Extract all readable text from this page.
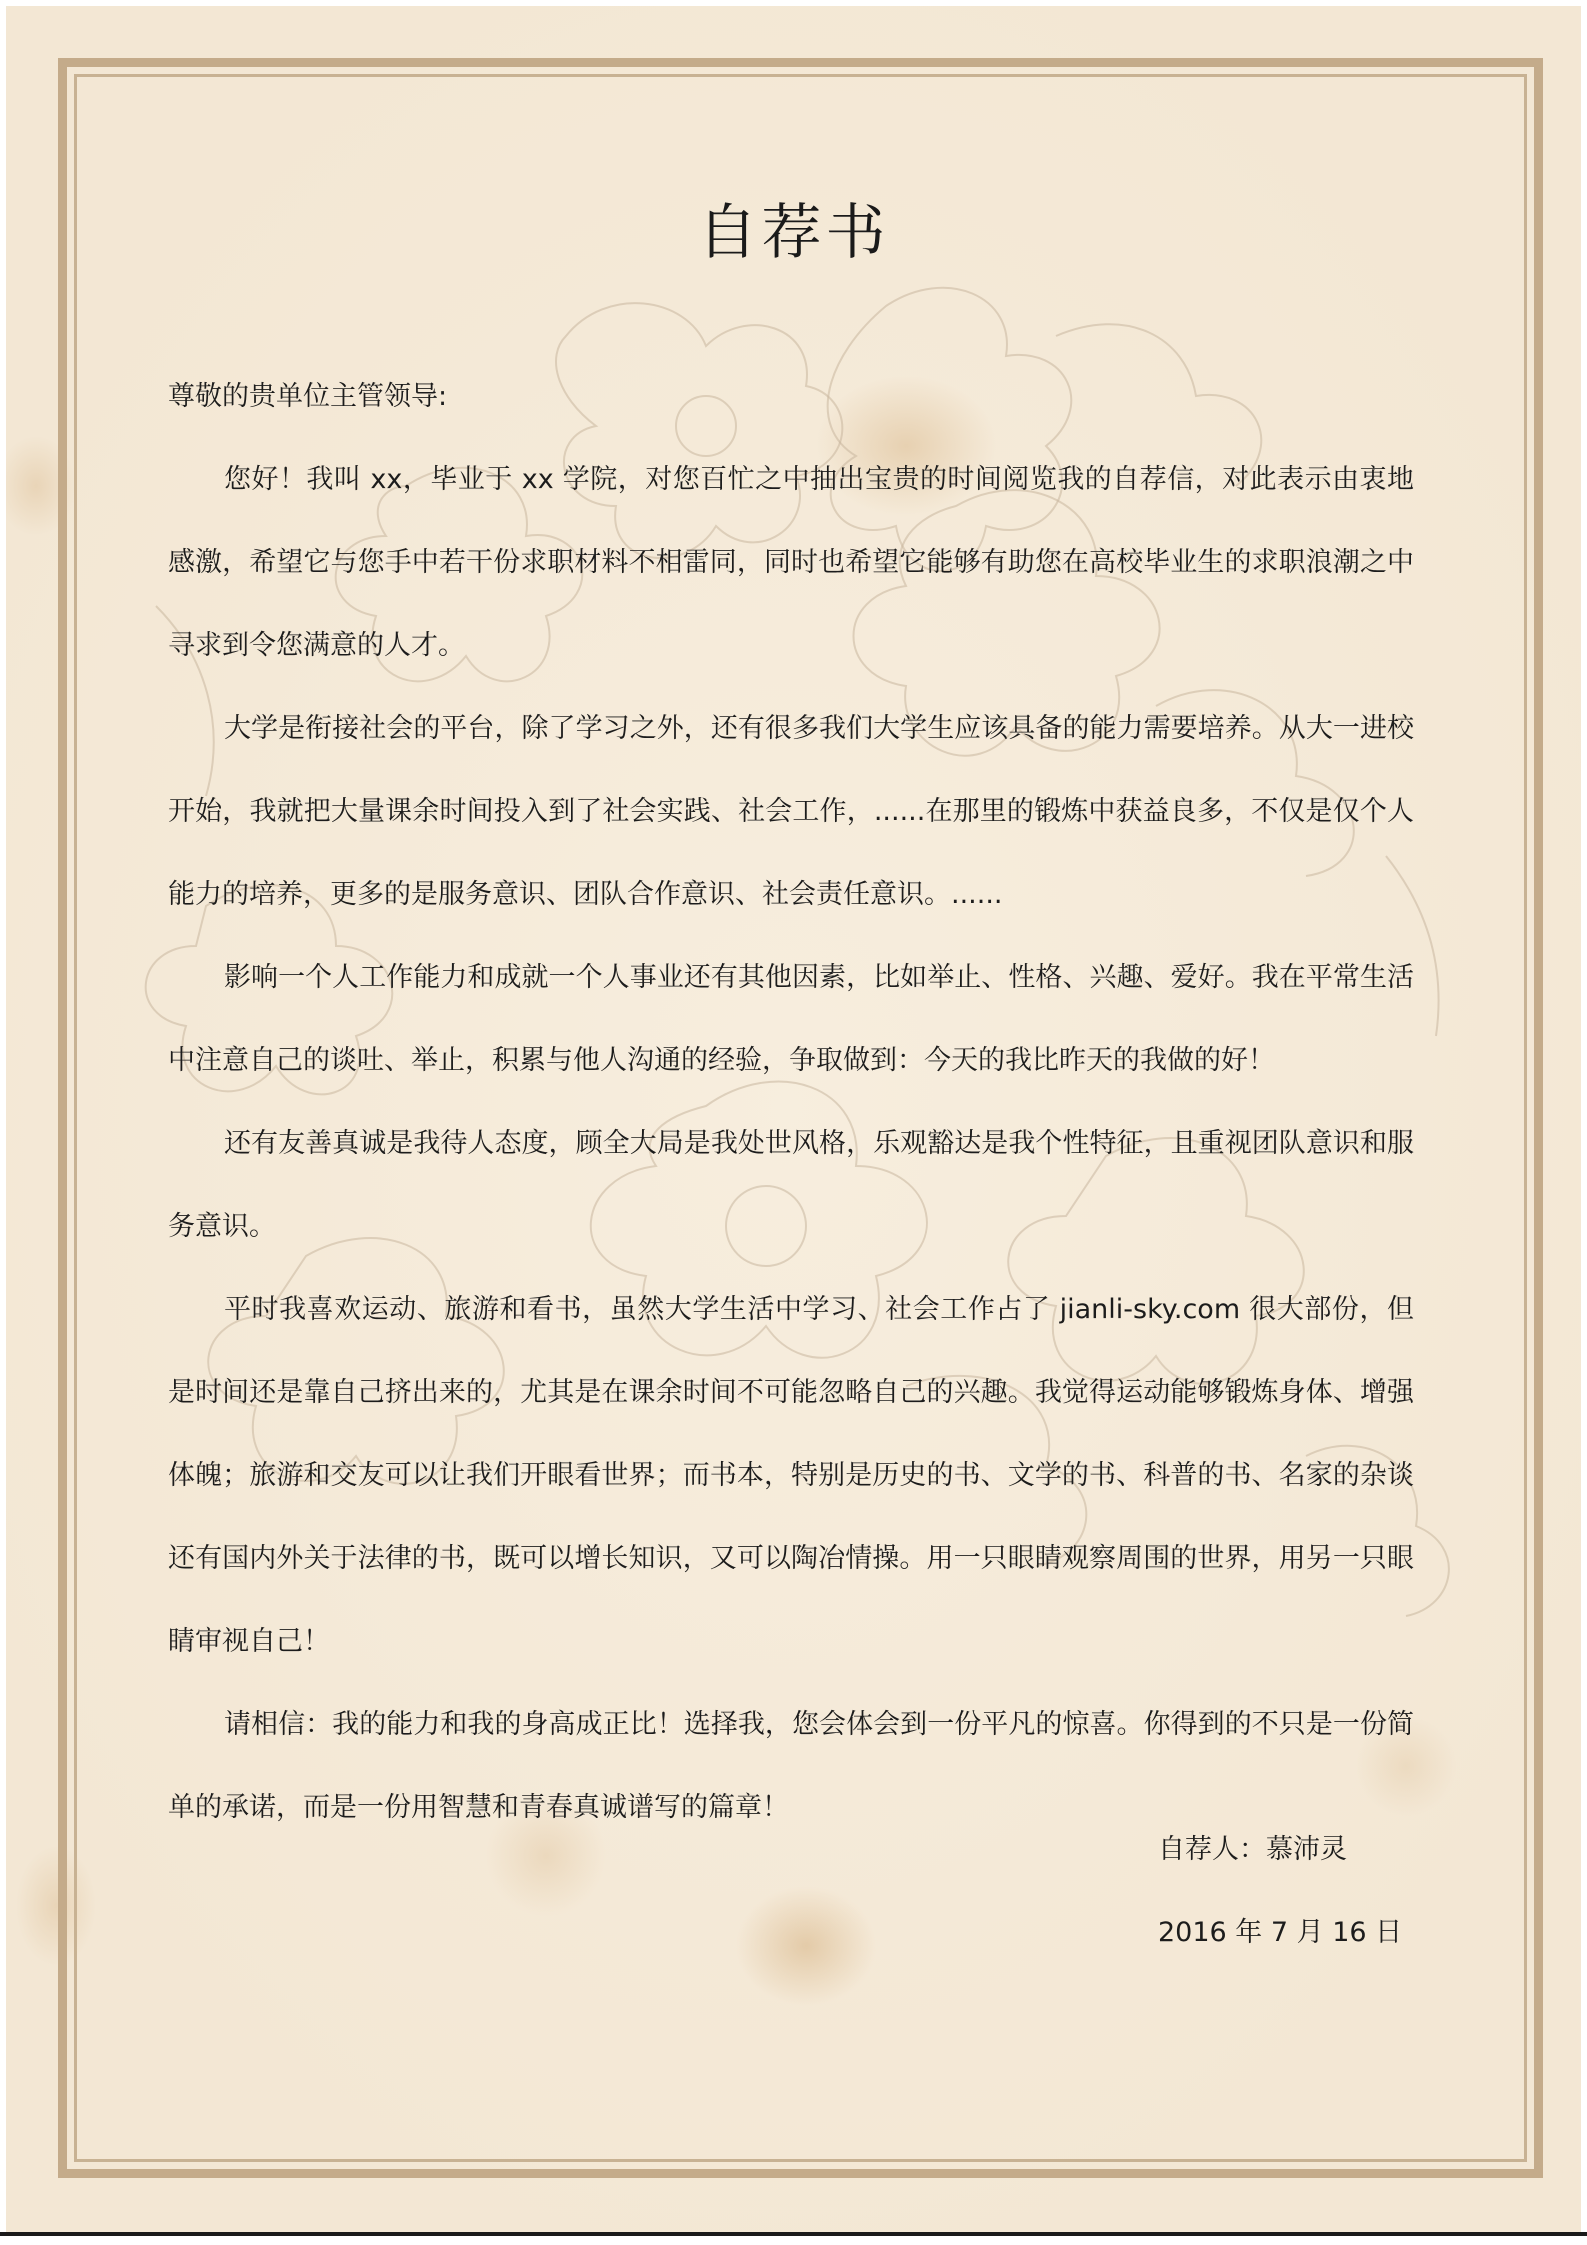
自荐书

尊敬的贵单位主管领导:

您好！我叫 xx，毕业于 xx 学院，对您百忙之中抽出宝贵的时间阅览我的自荐信，对此表示由衷地感激，希望它与您手中若干份求职材料不相雷同，同时也希望它能够有助您在高校毕业生的求职浪潮之中寻求到令您满意的人才。

大学是衔接社会的平台，除了学习之外，还有很多我们大学生应该具备的能力需要培养。从大一进校开始，我就把大量课余时间投入到了社会实践、社会工作，......在那里的锻炼中获益良多，不仅是仅个人能力的培养，更多的是服务意识、团队合作意识、社会责任意识。......

影响一个人工作能力和成就一个人事业还有其他因素，比如举止、性格、兴趣、爱好。我在平常生活中注意自己的谈吐、举止，积累与他人沟通的经验，争取做到：今天的我比昨天的我做的好！

还有友善真诚是我待人态度，顾全大局是我处世风格，乐观豁达是我个性特征，且重视团队意识和服务意识。

平时我喜欢运动、旅游和看书，虽然大学生活中学习、社会工作占了 jianli-sky.com 很大部份，但是时间还是靠自己挤出来的，尤其是在课余时间不可能忽略自己的兴趣。我觉得运动能够锻炼身体、增强体魄；旅游和交友可以让我们开眼看世界；而书本，特别是历史的书、文学的书、科普的书、名家的杂谈还有国内外关于法律的书，既可以增长知识，又可以陶冶情操。用一只眼睛观察周围的世界，用另一只眼睛审视自己！

请相信：我的能力和我的身高成正比！选择我，您会体会到一份平凡的惊喜。你得到的不只是一份简单的承诺，而是一份用智慧和青春真诚谱写的篇章！

自荐人：慕沛灵
2016 年 7 月 16 日
